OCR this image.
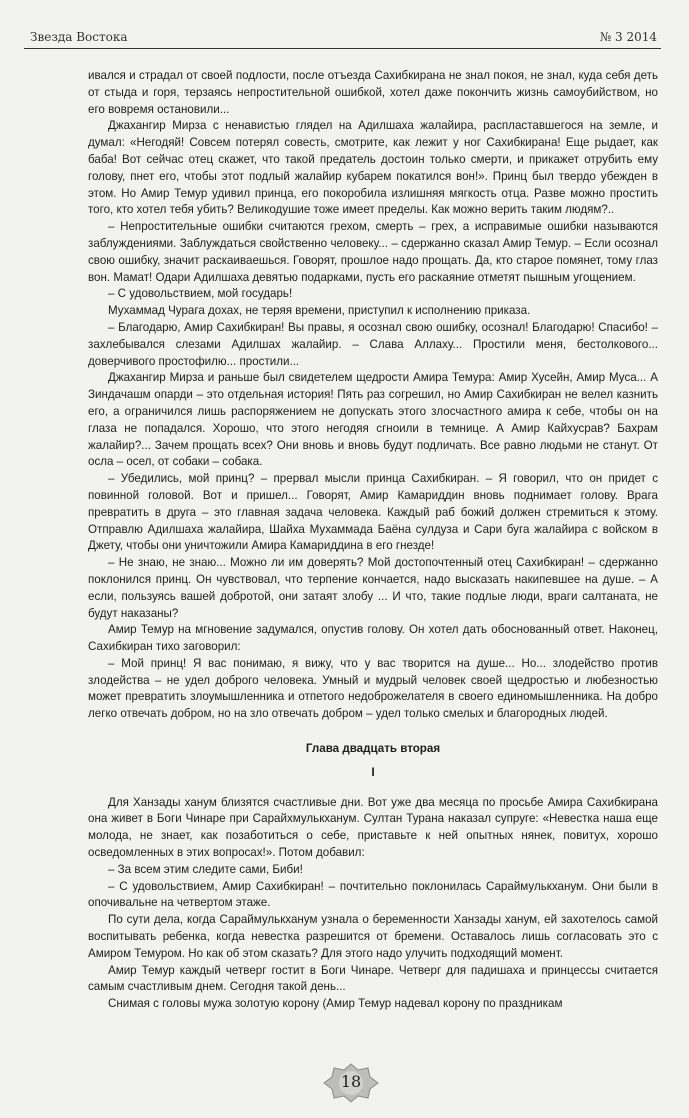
Звезда Востока	№ 3 2014

ивался и страдал от своей подлости, после отъезда Сахибкирана не знал покоя, не знал, куда себя деть от стыда и горя, терзаясь непростительной ошибкой, хотел даже покончить жизнь самоубийством, но его вовремя остановили...

Джахангир Мирза с ненавистью глядел на Адилшаха жалайира, распластавшегося на земле, и думал: «Негодяй! Совсем потерял совесть, смотрите, как лежит у ног Сахибкирана! Еще рыдает, как баба! Вот сейчас отец скажет, что такой предатель достоин только смерти, и прикажет отрубить ему голову, пнет его, чтобы этот подлый жалайир кубарем покатился вон!». Принц был твердо убежден в этом. Но Амир Темур удивил принца, его покоробила излишняя мягкость отца. Разве можно простить того, кто хотел тебя убить? Великодушие тоже имеет пределы. Как можно верить таким людям?..

– Непростительные ошибки считаются грехом, смерть – грех, а исправимые ошибки называются заблуждениями. Заблуждаться свойственно человеку... – сдержанно сказал Амир Темур. – Если осознал свою ошибку, значит раскаиваешься. Говорят, прошлое надо прощать. Да, кто старое помянет, тому глаз вон. Мамат! Одари Адилшаха девятью подарками, пусть его раскаяние отметят пышным угощением.

– С удовольствием, мой государь!

Мухаммад Чурага дохах, не теряя времени, приступил к исполнению приказа.

– Благодарю, Амир Сахибкиран! Вы правы, я осознал свою ошибку, осознал! Благодарю! Спасибо! – захлебывался слезами Адилшах жалайир. – Слава Аллаху... Простили меня, бестолкового... доверчивого простофилю... простили...

Джахангир Мирза и раньше был свидетелем щедрости Амира Темура: Амир Хусейн, Амир Муса... А Зиндачашм опарди – это отдельная история! Пять раз согрешил, но Амир Сахибкиран не велел казнить его, а ограничился лишь распоряжением не допускать этого злосчастного амира к себе, чтобы он на глаза не попадался. Хорошо, что этого негодяя сгноили в темнице. А Амир Кайхусрав? Бахрам жалайир?... Зачем прощать всех? Они вновь и вновь будут подличать. Все равно людьми не станут. От осла – осел, от собаки – собака.

– Убедились, мой принц? – прервал мысли принца Сахибкиран. – Я говорил, что он придет с повинной головой. Вот и пришел... Говорят, Амир Камариддин вновь поднимает голову. Врага превратить в друга – это главная задача человека. Каждый раб божий должен стремиться к этому. Отправлю Адилшаха жалайира, Шайха Мухаммада Баёна сулдуза и Сари буга жалайира с войском в Джету, чтобы они уничтожили Амира Камариддина в его гнезде!

– Не знаю, не знаю... Можно ли им доверять? Мой достопочтенный отец Сахибкиран! – сдержанно поклонился принц. Он чувствовал, что терпение кончается, надо высказать накипевшее на душе. – А если, пользуясь вашей добротой, они затаят злобу ... И что, такие подлые люди, враги салтаната, не будут наказаны?

Амир Темур на мгновение задумался, опустив голову. Он хотел дать обоснованный ответ. Наконец, Сахибкиран тихо заговорил:

– Мой принц! Я вас понимаю, я вижу, что у вас творится на душе... Но... злодейство против злодейства – не удел доброго человека. Умный и мудрый человек своей щедростью и любезностью может превратить злоумышленника и отпетого недоброжелателя в своего единомышленника. На добро легко отвечать добром, но на зло отвечать добром – удел только смелых и благородных людей.

Глава двадцать вторая
I

Для Ханзады ханум близятся счастливые дни. Вот уже два месяца по просьбе Амира Сахибкирана она живет в Боги Чинаре при Сарайхмулькханум. Султан Турана наказал супруге: «Невестка наша еще молода, не знает, как позаботиться о себе, приставьте к ней опытных нянек, повитух, хорошо осведомленных в этих вопросах!». Потом добавил:

– За всем этим следите сами, Биби!

– С удовольствием, Амир Сахибкиран! – почтительно поклонилась Сараймулькханум. Они были в опочивальне на четвертом этаже.

По сути дела, когда Сараймулькханум узнала о беременности Ханзады ханум, ей захотелось самой воспитывать ребенка, когда невестка разрешится от бремени. Оставалось лишь согласовать это с Амиром Темуром. Но как об этом сказать? Для этого надо улучить подходящий момент.

Амир Темур каждый четверг гостит в Боги Чинаре. Четверг для падишаха и принцессы считается самым счастливым днем. Сегодня такой день...

Снимая с головы мужа золотую корону (Амир Темур надевал корону по праздникам

18
